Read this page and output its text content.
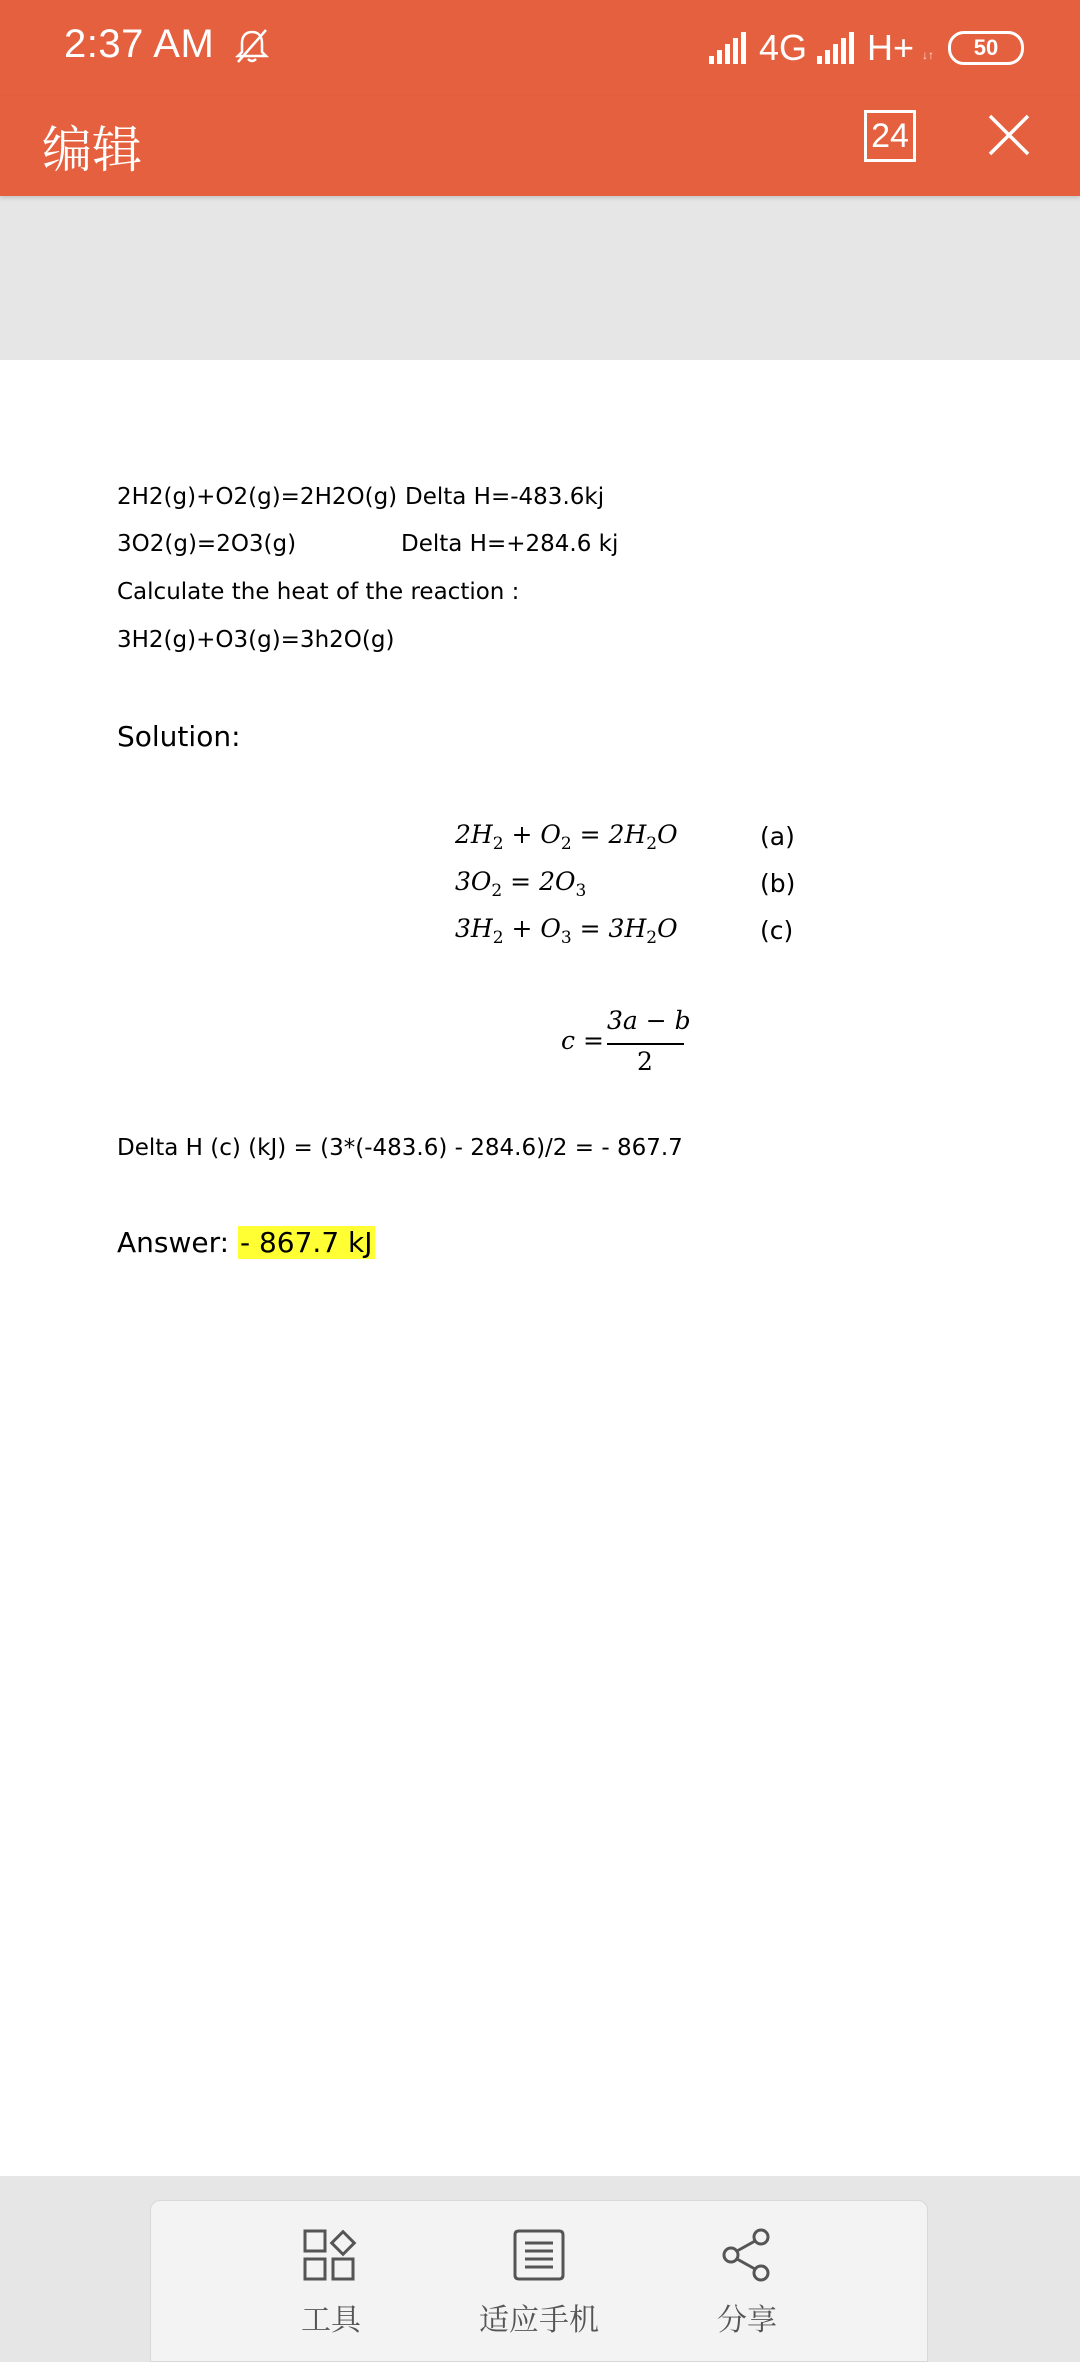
2:37 AM	4G H+ ↓↑ 50
编辑	24
2H2(g)+O2(g)=2H2O(g) Delta H=-483.6kj
3O2(g)=2O3(g)	Delta H=+284.6 kj
Calculate the heat of the reaction :
3H2(g)+O3(g)=3h2O(g)
Solution:
$2H_2 + O_2 = 2H_2O$	(a)
$3O_2 = 2O_3$	(b)
$3H_2 + O_3 = 3H_2O$	(c)
c =
3a − b
2
Delta H (c) (kJ) = (3*(-483.6) - 284.6)/2 = - 867.7
Answer: - 867.7 kJ
工具	适应手机	分享
